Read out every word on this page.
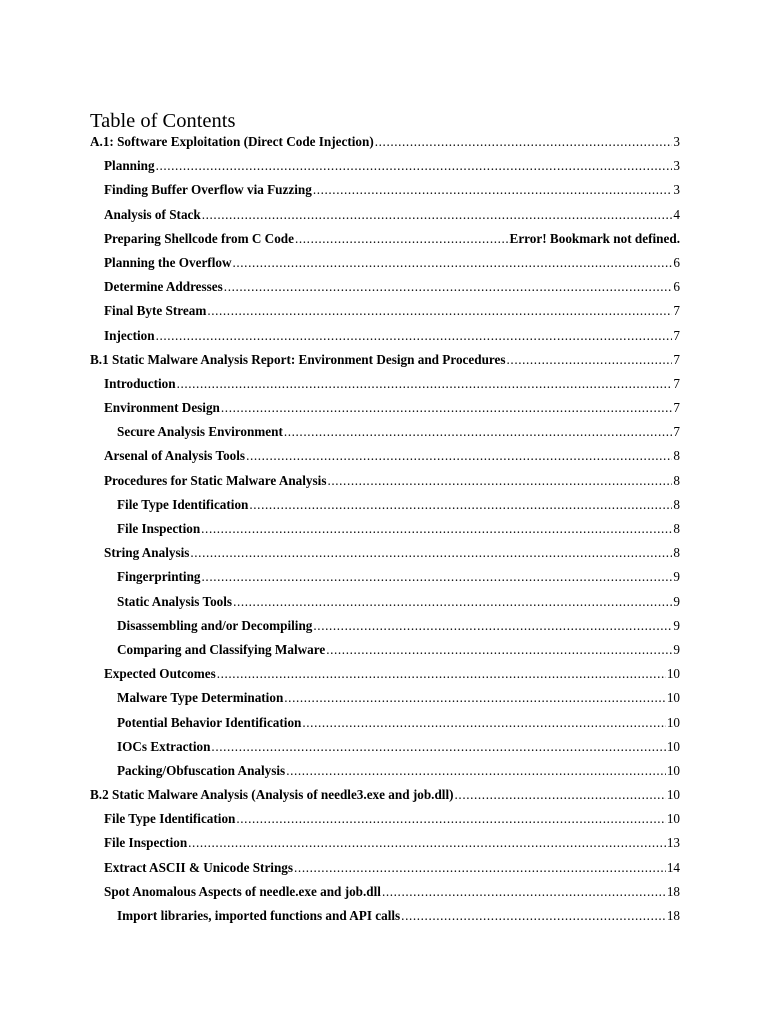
Table of Contents
A.1: Software Exploitation (Direct Code Injection) .....	3
Planning .....	3
Finding Buffer Overflow via Fuzzing .....	3
Analysis of Stack .....	4
Preparing Shellcode from C Code .....	Error! Bookmark not defined.
Planning the Overflow .....	6
Determine Addresses .....	6
Final Byte Stream .....	7
Injection .....	7
B.1 Static Malware Analysis Report: Environment Design and Procedures .....	7
Introduction .....	7
Environment Design .....	7
Secure Analysis Environment .....	7
Arsenal of Analysis Tools .....	8
Procedures for Static Malware Analysis .....	8
File Type Identification .....	8
File Inspection .....	8
String Analysis .....	8
Fingerprinting .....	9
Static Analysis Tools .....	9
Disassembling and/or Decompiling .....	9
Comparing and Classifying Malware .....	9
Expected Outcomes .....	10
Malware Type Determination .....	10
Potential Behavior Identification .....	10
IOCs Extraction .....	10
Packing/Obfuscation Analysis .....	10
B.2 Static Malware Analysis (Analysis of needle3.exe and job.dll) .....	10
File Type Identification .....	10
File Inspection .....	13
Extract ASCII & Unicode Strings .....	14
Spot Anomalous Aspects of needle.exe and job.dll .....	18
Import libraries, imported functions and API calls .....	18
